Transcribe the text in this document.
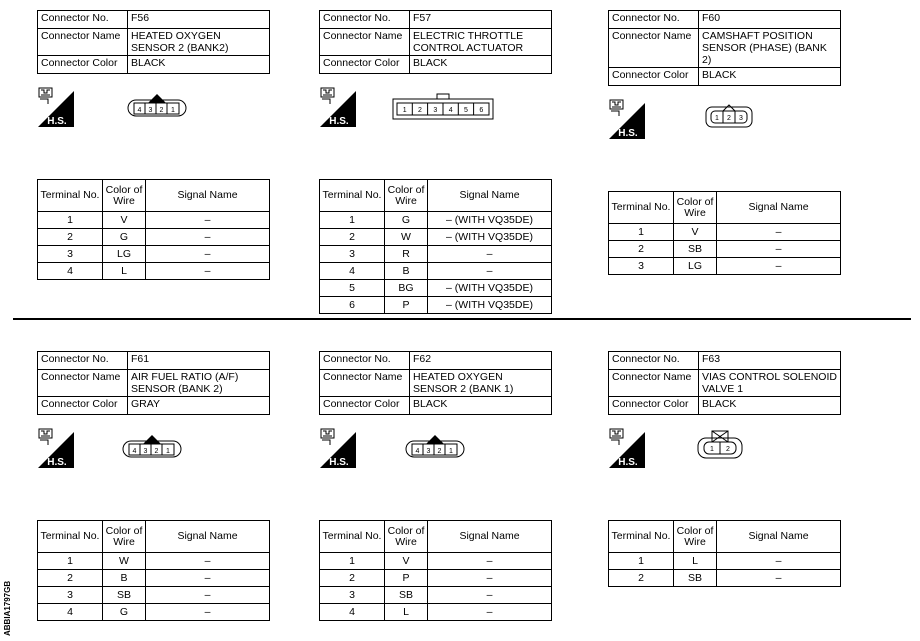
Connector No.	F56
Connector Name	HEATED OXYGEN SENSOR 2 (BANK2)
Connector Color	BLACK
H.S.
4 3 2 1
Terminal No.	Color of Wire	Signal Name
1	V	–
2	G	–
3	LG	–
4	L	–
Connector No.	F57
Connector Name	ELECTRIC THROTTLE CONTROL ACTUATOR
Connector Color	BLACK
H.S.
1 2 3 4 5 6
Terminal No.	Color of Wire	Signal Name
1	G	– (WITH VQ35DE)
2	W	– (WITH VQ35DE)
3	R	–
4	B	–
5	BG	– (WITH VQ35DE)
6	P	– (WITH VQ35DE)
Connector No.	F60
Connector Name	CAMSHAFT POSITION SENSOR (PHASE) (BANK 2)
Connector Color	BLACK
H.S.
1 2 3
Terminal No.	Color of Wire	Signal Name
1	V	–
2	SB	–
3	LG	–
Connector No.	F61
Connector Name	AIR FUEL RATIO (A/F) SENSOR (BANK 2)
Connector Color	GRAY
H.S.
4 3 2 1
Terminal No.	Color of Wire	Signal Name
1	W	–
2	B	–
3	SB	–
4	G	–
Connector No.	F62
Connector Name	HEATED OXYGEN SENSOR 2 (BANK 1)
Connector Color	BLACK
H.S.
4 3 2 1
Terminal No.	Color of Wire	Signal Name
1	V	–
2	P	–
3	SB	–
4	L	–
Connector No.	F63
Connector Name	VIAS CONTROL SOLENOID VALVE 1
Connector Color	BLACK
H.S.
1 2
Terminal No.	Color of Wire	Signal Name
1	L	–
2	SB	–
ABBIA1797GB
